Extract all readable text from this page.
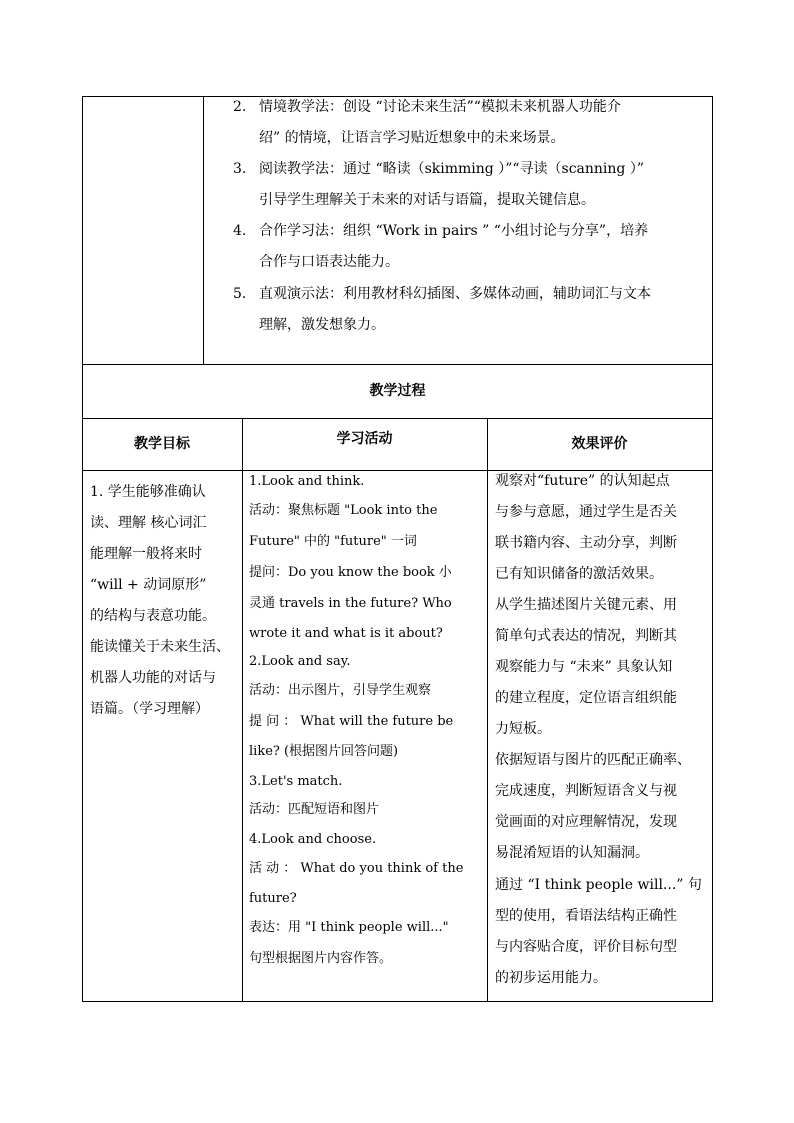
2. 情境教学法：创设 “讨论未来生活”“模拟未来机器人功能介
绍” 的情境，让语言学习贴近想象中的未来场景。
3. 阅读教学法：通过 “略读（skimming ）”“寻读（scanning ）”
引导学生理解关于未来的对话与语篇，提取关键信息。
4. 合作学习法：组织 “Work in pairs ” “小组讨论与分享”，培养
合作与口语表达能力。
5. 直观演示法：利用教材科幻插图、多媒体动画，辅助词汇与文本
理解，激发想象力。
教学过程
教学目标	学习活动	效果评价
1. 学生能够准确认
读、理解 核心词汇
能理解一般将来时
“will + 动词原形”
的结构与表意功能。
能读懂关于未来生活、
机器人功能的对话与
语篇。（学习理解）
1.Look and think.
活动：聚焦标题 "Look into the
Future" 中的 "future" 一词
提问：Do you know the book 小
灵通 travels in the future? Who
wrote it and what is it about?
2.Look and say.
活动：出示图片，引导学生观察
提 问 ： What will the future be
like? (根据图片回答问题)
3.Let's match.
活动：匹配短语和图片
4.Look and choose.
活 动 ： What do you think of the
future?
表达：用 "I think people will..."
句型根据图片内容作答。
观察对“future” 的认知起点
与参与意愿，通过学生是否关
联书籍内容、主动分享，判断
已有知识储备的激活效果。
从学生描述图片关键元素、用
简单句式表达的情况，判断其
观察能力与 “未来” 具象认知
的建立程度，定位语言组织能
力短板。
依据短语与图片的匹配正确率、
完成速度，判断短语含义与视
觉画面的对应理解情况，发现
易混淆短语的认知漏洞。
通过 “I think people will...” 句
型的使用，看语法结构正确性
与内容贴合度，评价目标句型
的初步运用能力。
